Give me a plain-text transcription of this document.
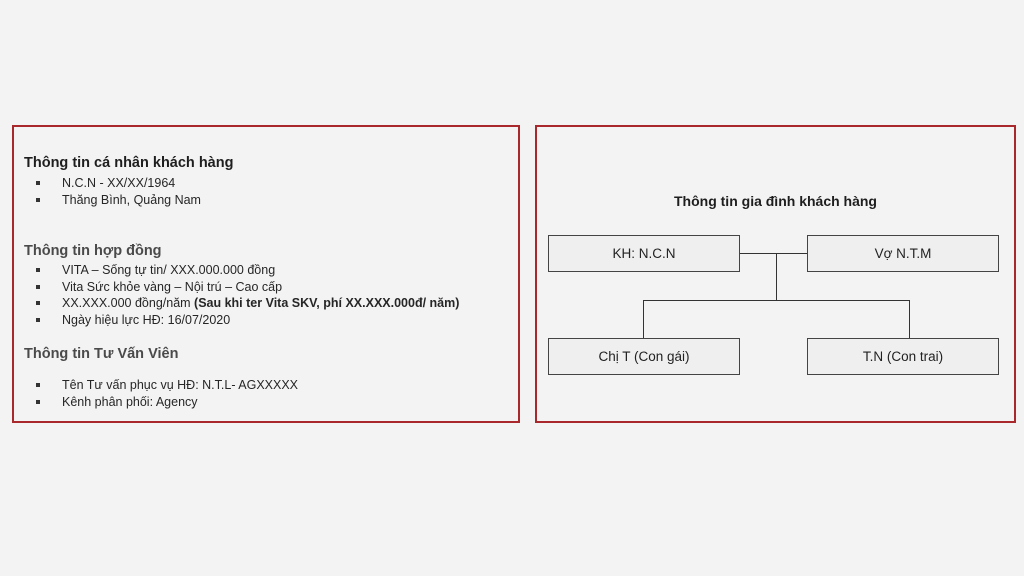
Thông tin cá nhân khách hàng
N.C.N - XX/XX/1964
Thăng Bình, Quảng Nam
Thông tin hợp đồng
VITA – Sống tự tin/ XXX.000.000 đồng
Vita Sức khỏe vàng – Nội trú – Cao cấp
XX.XXX.000 đồng/năm (Sau khi ter Vita SKV, phí XX.XXX.000đ/ năm)
Ngày hiệu lực HĐ: 16/07/2020
Thông tin Tư Vấn Viên
Tên Tư vấn phục vụ HĐ: N.T.L- AGXXXXX
Kênh phân phối: Agency
Thông tin gia đình khách hàng
KH: N.C.N	Vợ N.T.M
Chị T (Con gái)	T.N (Con trai)
